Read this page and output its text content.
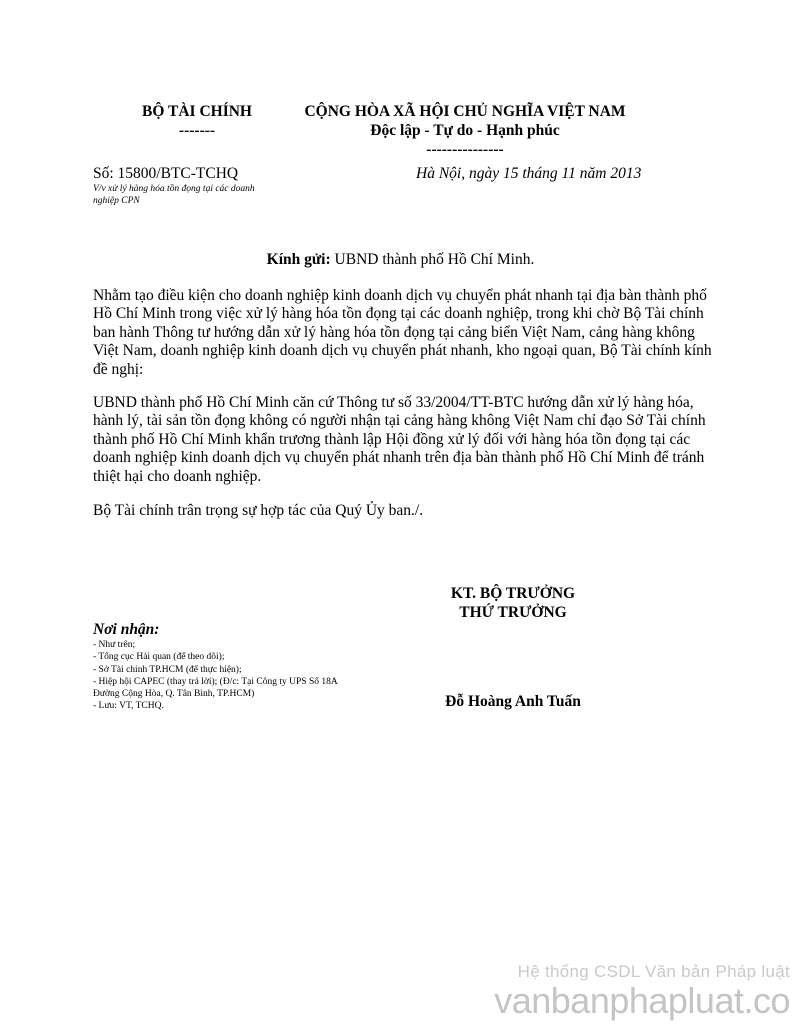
BỘ TÀI CHÍNH
-------
CỘNG HÒA XÃ HỘI CHỦ NGHĨA VIỆT NAM
Độc lập - Tự do - Hạnh phúc
---------------
Số: 15800/BTC-TCHQ
V/v xử lý hàng hóa tồn đọng tại các doanh nghiệp CPN
Hà Nội, ngày 15 tháng 11 năm 2013
Kính gửi: UBND thành phố Hồ Chí Minh.

Nhằm tạo điều kiện cho doanh nghiệp kinh doanh dịch vụ chuyển phát nhanh tại địa bàn thành phố Hồ Chí Minh trong việc xử lý hàng hóa tồn đọng tại các doanh nghiệp, trong khi chờ Bộ Tài chính ban hành Thông tư hướng dẫn xử lý hàng hóa tồn đọng tại cảng biển Việt Nam, cảng hàng không Việt Nam, doanh nghiệp kinh doanh dịch vụ chuyển phát nhanh, kho ngoại quan, Bộ Tài chính kính đề nghị:

UBND thành phố Hồ Chí Minh căn cứ Thông tư số 33/2004/TT-BTC hướng dẫn xử lý hàng hóa, hành lý, tài sản tồn đọng không có người nhận tại cảng hàng không Việt Nam chỉ đạo Sở Tài chính thành phố Hồ Chí Minh khẩn trương thành lập Hội đồng xử lý đối với hàng hóa tồn đọng tại các doanh nghiệp kinh doanh dịch vụ chuyển phát nhanh trên địa bàn thành phố Hồ Chí Minh để tránh thiệt hại cho doanh nghiệp.

Bộ Tài chính trân trọng sự hợp tác của Quý Ủy ban./.

KT. BỘ TRƯỞNG
THỨ TRƯỞNG
Đỗ Hoàng Anh Tuấn
Nơi nhận:
- Như trên;
- Tổng cục Hải quan (để theo dõi);
- Sở Tài chính TP.HCM (để thực hiện);
- Hiệp hội CAPEC (thay trả lời); (Đ/c: Tại Công ty UPS Số 18A Đường Cộng Hòa, Q. Tân Bình, TP.HCM)
- Lưu: VT, TCHQ.
Hệ thống CSDL Văn bản Pháp luật
vanbanphapluat.co
